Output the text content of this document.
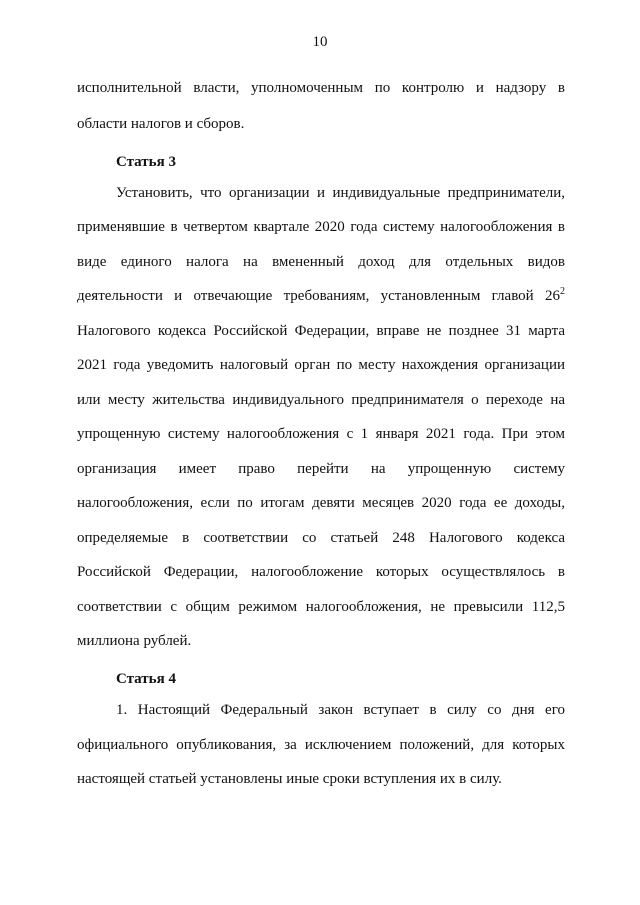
10
исполнительной власти, уполномоченным по контролю и надзору в
области налогов и сборов.
Статья 3
Установить, что организации и индивидуальные предприниматели,
применявшие в четвертом квартале 2020 года систему налогообложения в
виде единого налога на вмененный доход для отдельных видов
деятельности и отвечающие требованиям, установленным главой $26^2$
Налогового кодекса Российской Федерации, вправе не позднее 31 марта
2021 года уведомить налоговый орган по месту нахождения организации
или месту жительства индивидуального предпринимателя о переходе на
упрощенную систему налогообложения с 1 января 2021 года. При этом
организация имеет право перейти на упрощенную систему
налогообложения, если по итогам девяти месяцев 2020 года ее доходы,
определяемые в соответствии со статьей 248 Налогового кодекса
Российской Федерации, налогообложение которых осуществлялось в
соответствии с общим режимом налогообложения, не превысили 112,5
миллиона рублей.
Статья 4
1. Настоящий Федеральный закон вступает в силу со дня его
официального опубликования, за исключением положений, для которых
настоящей статьей установлены иные сроки вступления их в силу.
